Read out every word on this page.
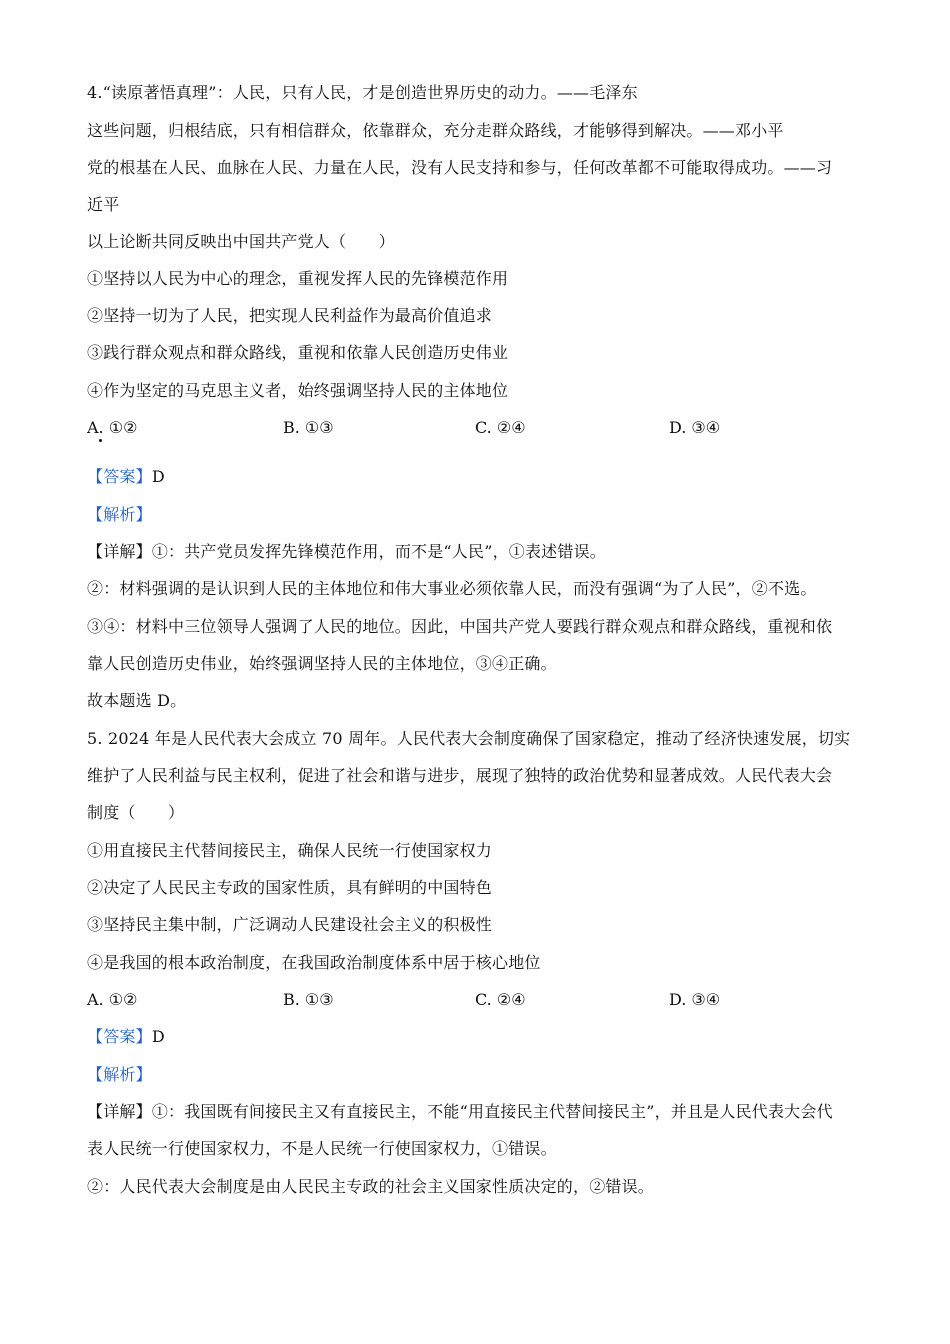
4.“读原著悟真理”：人民，只有人民，才是创造世界历史的动力。——毛泽东
这些问题，归根结底，只有相信群众，依靠群众，充分走群众路线，才能够得到解决。——邓小平
党的根基在人民、血脉在人民、力量在人民，没有人民支持和参与，任何改革都不可能取得成功。——习
近平
以上论断共同反映出中国共产党人（　　）
①坚持以人民为中心的理念，重视发挥人民的先锋模范作用
②坚持一切为了人民，把实现人民利益作为最高价值追求
③践行群众观点和群众路线，重视和依靠人民创造历史伟业
④作为坚定的马克思主义者，始终强调坚持人民的主体地位
A. ①②	B. ①③	C. ②④	D. ③④
【答案】D
【解析】
【详解】①：共产党员发挥先锋模范作用，而不是“人民”，①表述错误。
②：材料强调的是认识到人民的主体地位和伟大事业必须依靠人民，而没有强调“为了人民”，②不选。
③④：材料中三位领导人强调了人民的地位。因此，中国共产党人要践行群众观点和群众路线，重视和依
靠人民创造历史伟业，始终强调坚持人民的主体地位，③④正确。
故本题选 D。
5. 2024 年是人民代表大会成立 70 周年。人民代表大会制度确保了国家稳定，推动了经济快速发展，切实
维护了人民利益与民主权利，促进了社会和谐与进步，展现了独特的政治优势和显著成效。人民代表大会
制度（　　）
①用直接民主代替间接民主，确保人民统一行使国家权力
②决定了人民民主专政的国家性质，具有鲜明的中国特色
③坚持民主集中制，广泛调动人民建设社会主义的积极性
④是我国的根本政治制度，在我国政治制度体系中居于核心地位
A. ①②	B. ①③	C. ②④	D. ③④
【答案】D
【解析】
【详解】①：我国既有间接民主又有直接民主，不能“用直接民主代替间接民主”，并且是人民代表大会代
表人民统一行使国家权力，不是人民统一行使国家权力，①错误。
②：人民代表大会制度是由人民民主专政的社会主义国家性质决定的，②错误。
